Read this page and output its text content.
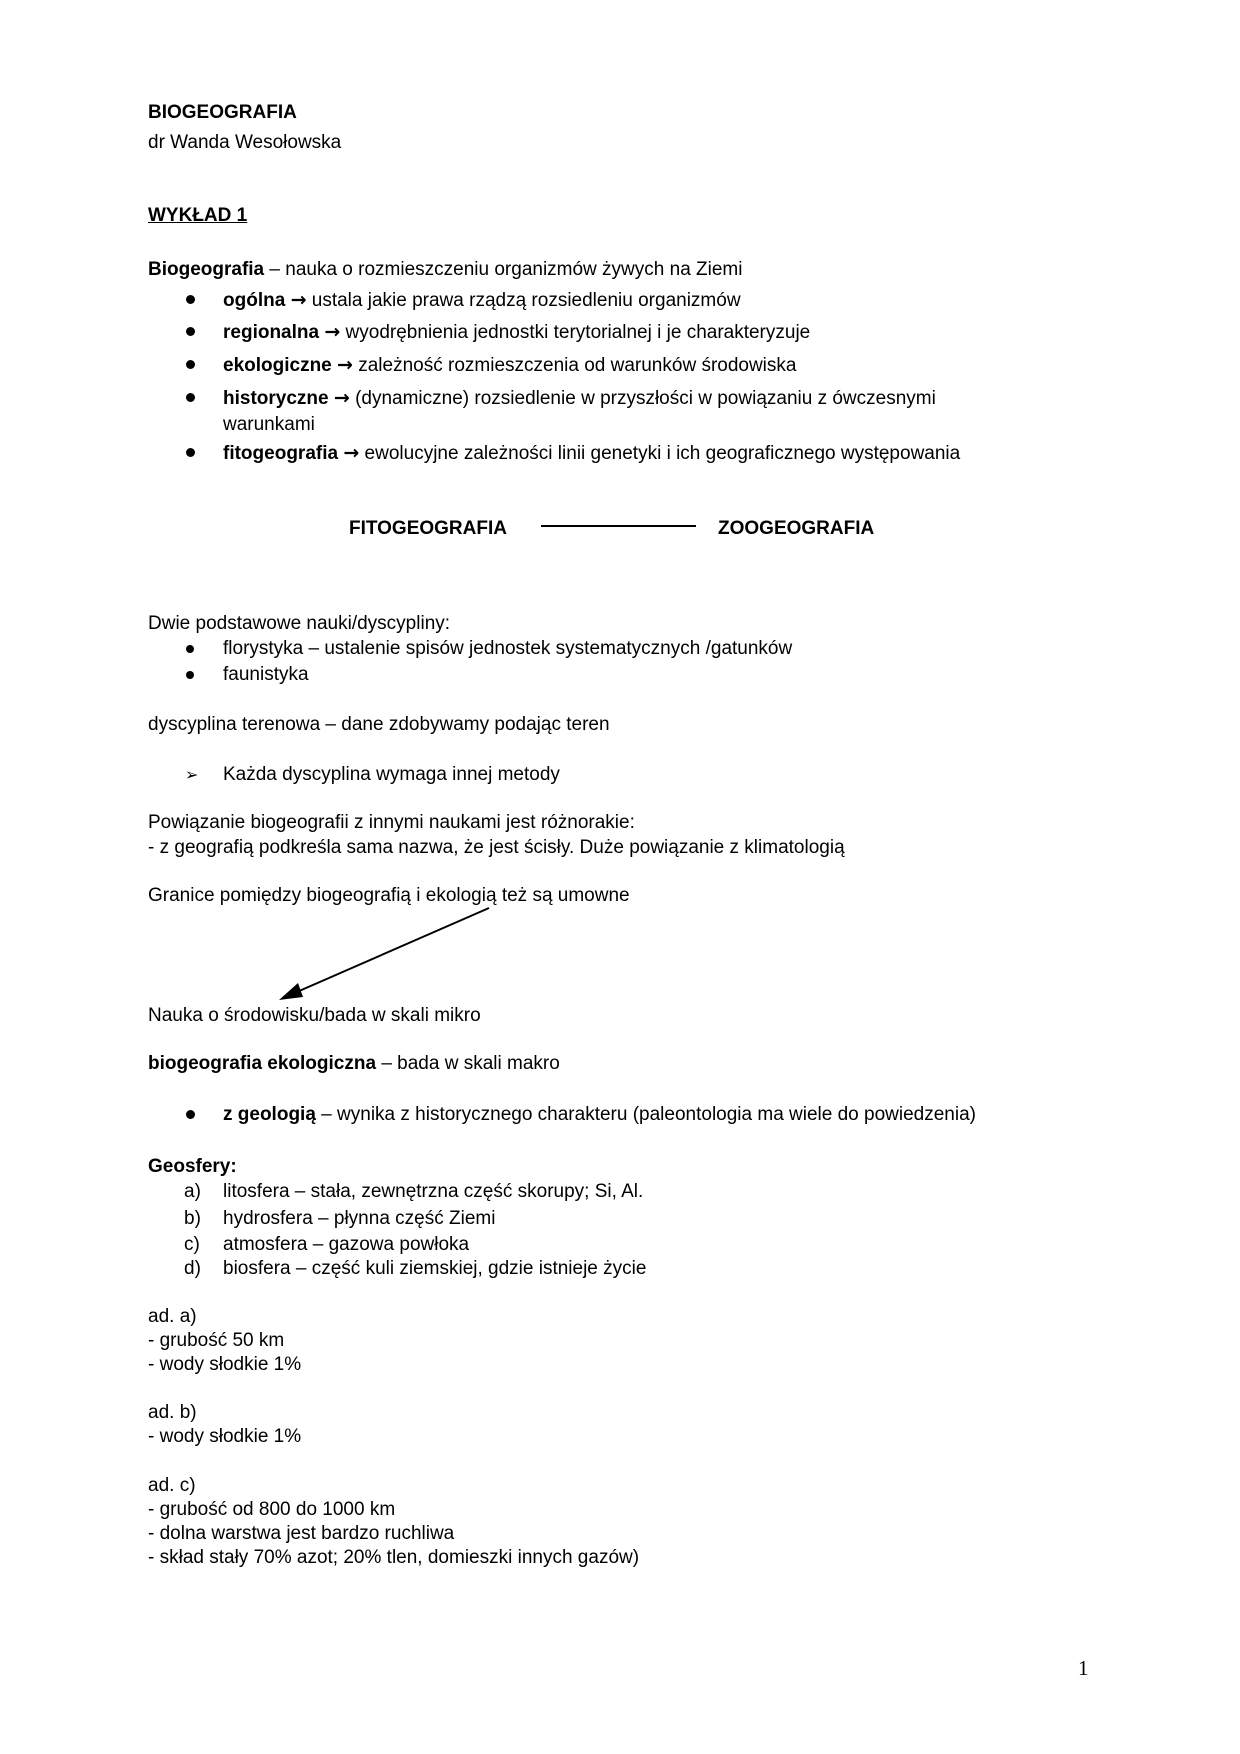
BIOGEOGRAFIA
dr Wanda Wesołowska
WYKŁAD 1
Biogeografia – nauka o rozmieszczeniu organizmów żywych na Ziemi
ogólna → ustala jakie prawa rządzą rozsiedleniu organizmów
regionalna → wyodrębnienia jednostki terytorialnej i je charakteryzuje
ekologiczne → zależność rozmieszczenia od warunków środowiska
historyczne → (dynamiczne) rozsiedlenie w przyszłości w powiązaniu z ówczesnymi
warunkami
fitogeografia → ewolucyjne zależności linii genetyki i ich geograficznego występowania
FITOGEOGRAFIA	ZOOGEOGRAFIA
Dwie podstawowe nauki/dyscypliny:
florystyka – ustalenie spisów jednostek systematycznych /gatunków
faunistyka
dyscyplina terenowa – dane zdobywamy podając teren
➢ Każda dyscyplina wymaga innej metody
Powiązanie biogeografii z innymi naukami jest różnorakie:
- z geografią podkreśla sama nazwa, że jest ścisły. Duże powiązanie z klimatologią
Granice pomiędzy biogeografią i ekologią też są umowne
Nauka o środowisku/bada w skali mikro
biogeografia ekologiczna – bada w skali makro
z geologią – wynika z historycznego charakteru (paleontologia ma wiele do powiedzenia)
Geosfery:
a)	litosfera – stała, zewnętrzna część skorupy; Si, Al.
b)	hydrosfera – płynna część Ziemi
c)	atmosfera – gazowa powłoka
d)	biosfera – część kuli ziemskiej, gdzie istnieje życie
ad. a)
- grubość 50 km
- wody słodkie 1%
ad. b)
- wody słodkie 1%
ad. c)
- grubość od 800 do 1000 km
- dolna warstwa jest bardzo ruchliwa
- skład stały 70% azot; 20% tlen, domieszki innych gazów)
1
